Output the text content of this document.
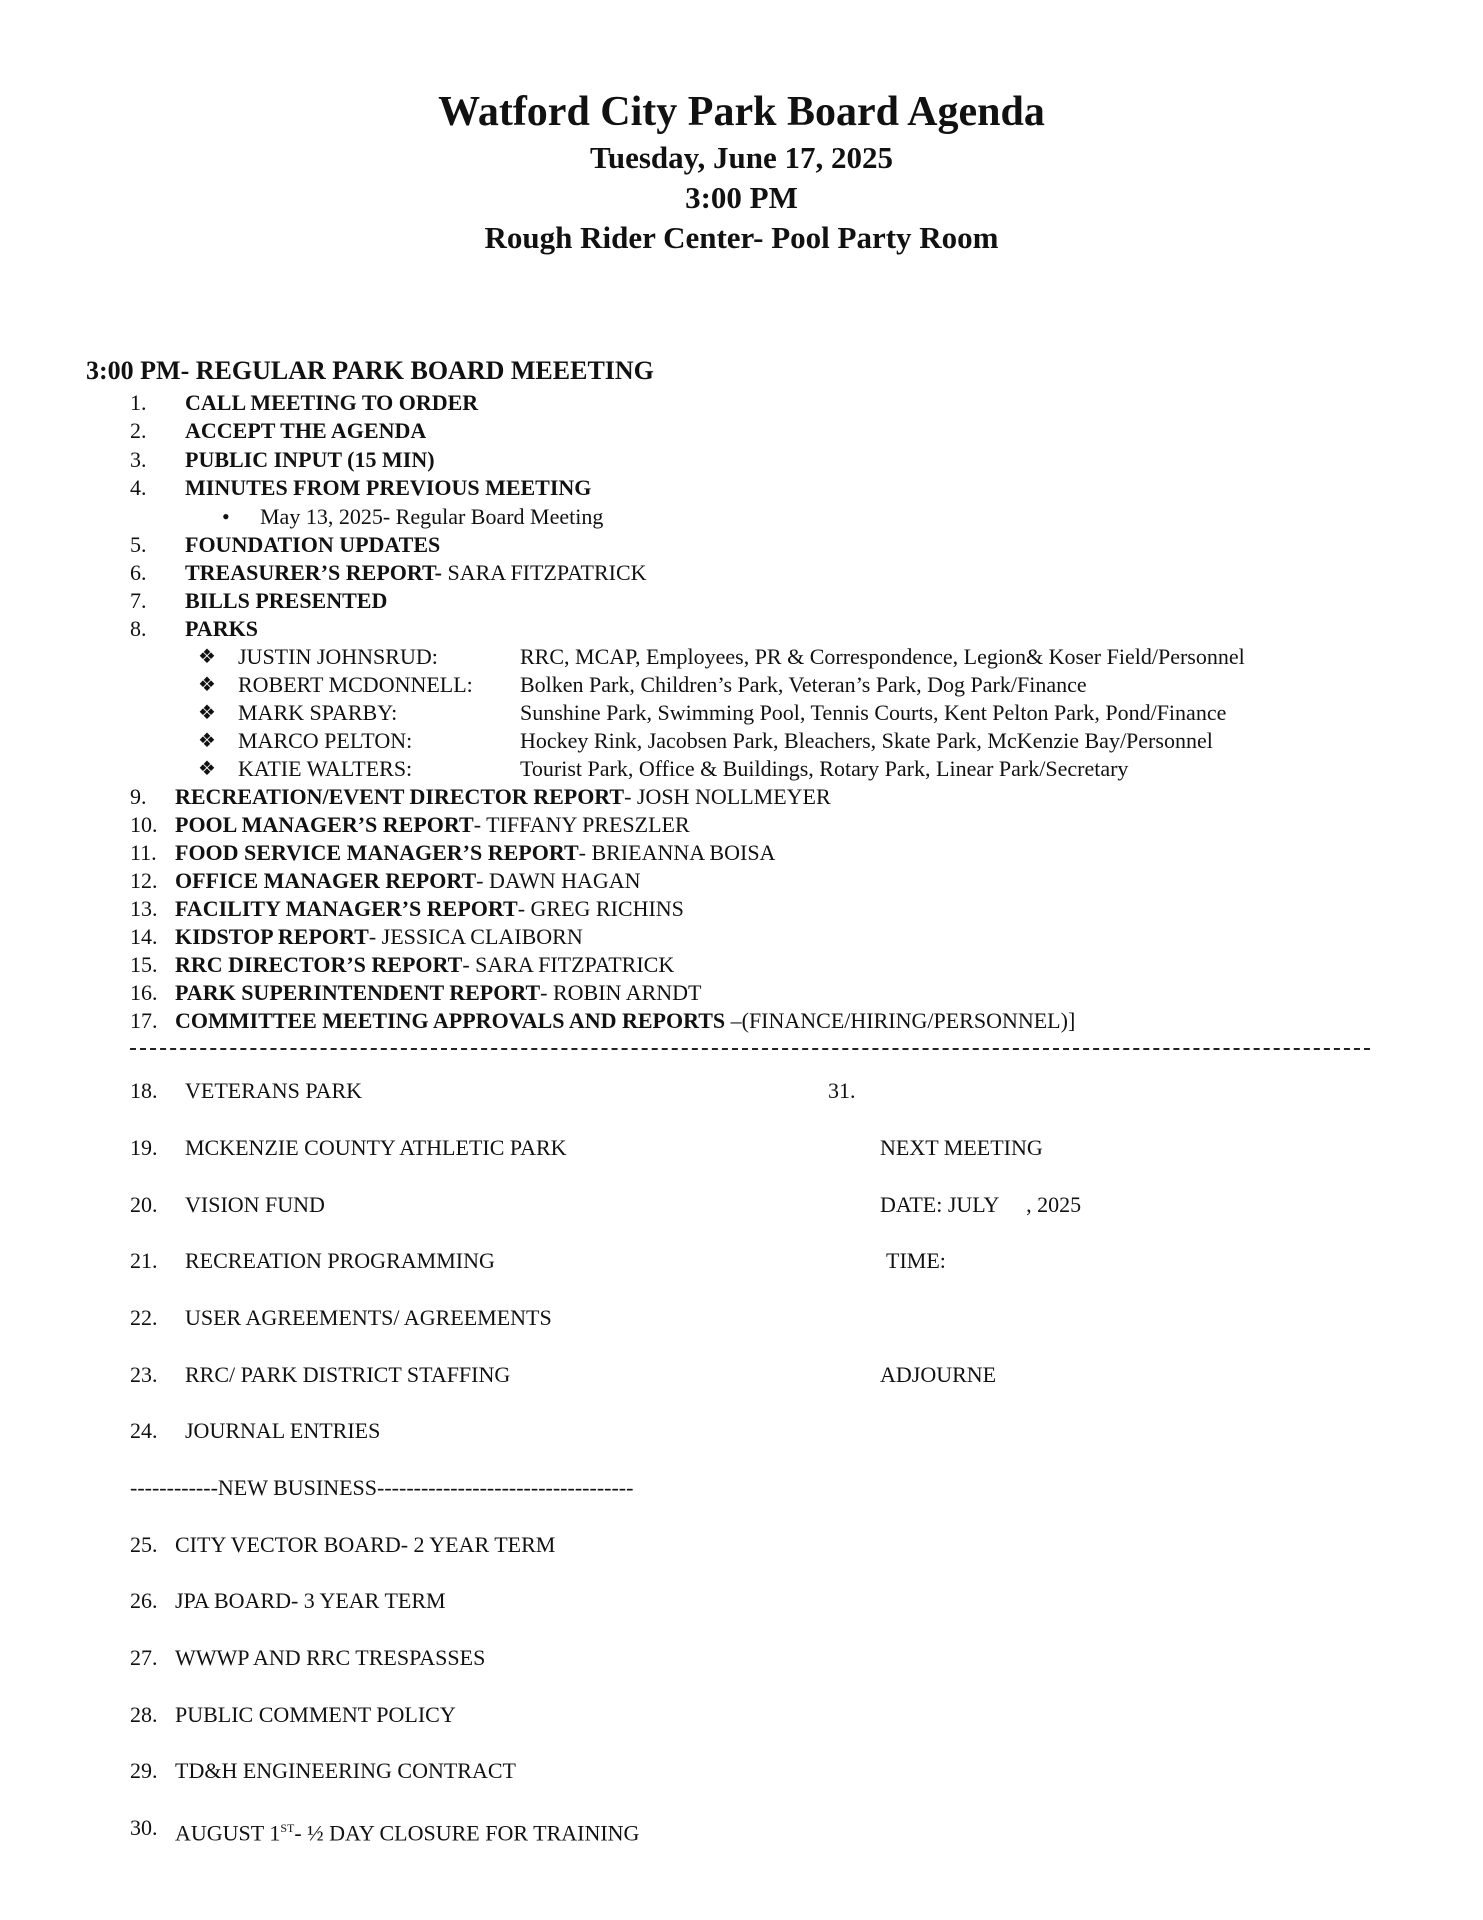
Watford City Park Board Agenda
Tuesday, June 17, 2025
3:00 PM
Rough Rider Center- Pool Party Room
3:00 PM- REGULAR PARK BOARD MEEETING
1. CALL MEETING TO ORDER
2. ACCEPT THE AGENDA
3. PUBLIC INPUT (15 MIN)
4. MINUTES FROM PREVIOUS MEETING
• May 13, 2025- Regular Board Meeting
5. FOUNDATION UPDATES
6. TREASURER’S REPORT- SARA FITZPATRICK
7. BILLS PRESENTED
8. PARKS
❖ JUSTIN JOHNSRUD:	RRC, MCAP, Employees, PR & Correspondence, Legion& Koser Field/Personnel
❖ ROBERT MCDONNELL: Bolken Park, Children’s Park, Veteran’s Park, Dog Park/Finance
❖ MARK SPARBY:	Sunshine Park, Swimming Pool, Tennis Courts, Kent Pelton Park, Pond/Finance
❖ MARCO PELTON:	Hockey Rink, Jacobsen Park, Bleachers, Skate Park, McKenzie Bay/Personnel
❖ KATIE WALTERS:	Tourist Park, Office & Buildings, Rotary Park, Linear Park/Secretary
9. RECREATION/EVENT DIRECTOR REPORT- JOSH NOLLMEYER
10. POOL MANAGER’S REPORT- TIFFANY PRESZLER
11. FOOD SERVICE MANAGER’S REPORT- BRIEANNA BOISA
12. OFFICE MANAGER REPORT- DAWN HAGAN
13. FACILITY MANAGER’S REPORT- GREG RICHINS
14. KIDSTOP REPORT- JESSICA CLAIBORN
15. RRC DIRECTOR’S REPORT- SARA FITZPATRICK
16. PARK SUPERINTENDENT REPORT- ROBIN ARNDT
17. COMMITTEE MEETING APPROVALS AND REPORTS –(FINANCE/HIRING/PERSONNEL)]
18. VETERANS PARK
19. MCKENZIE COUNTY ATHLETIC PARK
20. VISION FUND
21. RECREATION PROGRAMMING
22. USER AGREEMENTS/ AGREEMENTS
23. RRC/ PARK DISTRICT STAFFING
24. JOURNAL ENTRIES
------------NEW BUSINESS-----------------------------------
25. CITY VECTOR BOARD- 2 YEAR TERM
26. JPA BOARD- 3 YEAR TERM
27. WWWP AND RRC TRESPASSES
28. PUBLIC COMMENT POLICY
29. TD&H ENGINEERING CONTRACT
30. AUGUST 1ST- ½ DAY CLOSURE FOR TRAINING
31.
NEXT MEETING
DATE: JULY     , 2025
TIME:
ADJOURNE
